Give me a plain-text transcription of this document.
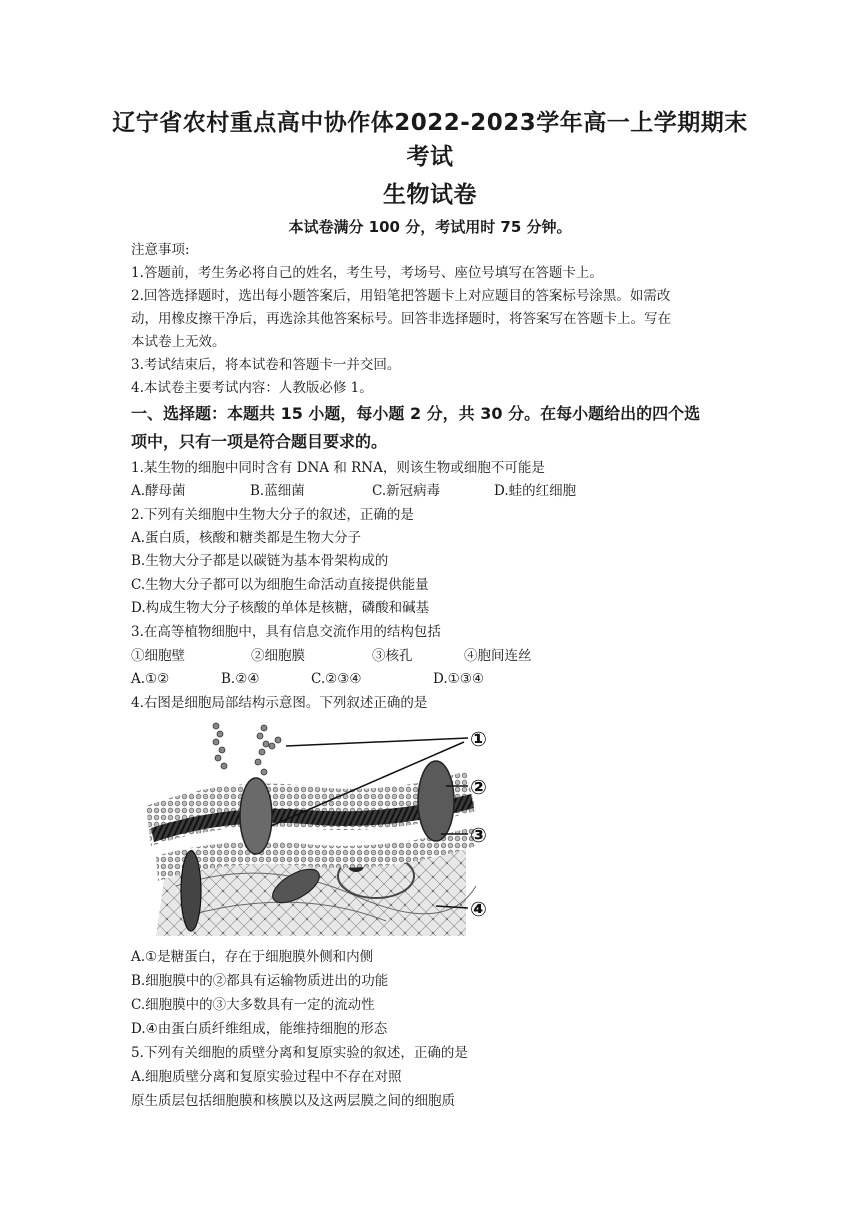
辽宁省农村重点高中协作体2022-2023学年高一上学期期末
考试
生物试卷
本试卷满分 100 分，考试用时 75 分钟。
注意事项:
1.答题前，考生务必将自己的姓名，考生号，考场号、座位号填写在答题卡上。
2.回答选择题时，选出每小题答案后，用铅笔把答题卡上对应题目的答案标号涂黑。如需改
动，用橡皮擦干净后，再选涂其他答案标号。回答非选择题时，将答案写在答题卡上。写在
本试卷上无效。
3.考试结束后，将本试卷和答题卡一并交回。
4.本试卷主要考试内容：人教版必修 1。
一、选择题：本题共 15 小题，每小题 2 分，共 30 分。在每小题给出的四个选
项中，只有一项是符合题目要求的。
1.某生物的细胞中同时含有 DNA 和 RNA，则该生物或细胞不可能是
A.酵母菌	B.蓝细菌	C.新冠病毒	D.蛙的红细胞
2.下列有关细胞中生物大分子的叙述，正确的是
A.蛋白质，核酸和糖类都是生物大分子
B.生物大分子都是以碳链为基本骨架构成的
C.生物大分子都可以为细胞生命活动直接提供能量
D.构成生物大分子核酸的单体是核糖，磷酸和碱基
3.在高等植物细胞中，具有信息交流作用的结构包括
①细胞壁	②细胞膜	③核孔	④胞间连丝
A.①②	B.②④	C.②③④	D.①③④
4.右图是细胞局部结构示意图。下列叙述正确的是
①
②
③
④
A.①是糖蛋白，存在于细胞膜外侧和内侧
B.细胞膜中的②都具有运输物质进出的功能
C.细胞膜中的③大多数具有一定的流动性
D.④由蛋白质纤维组成，能维持细胞的形态
5.下列有关细胞的质壁分离和复原实验的叙述，正确的是
A.细胞质壁分离和复原实验过程中不存在对照
原生质层包括细胞膜和核膜以及这两层膜之间的细胞质
